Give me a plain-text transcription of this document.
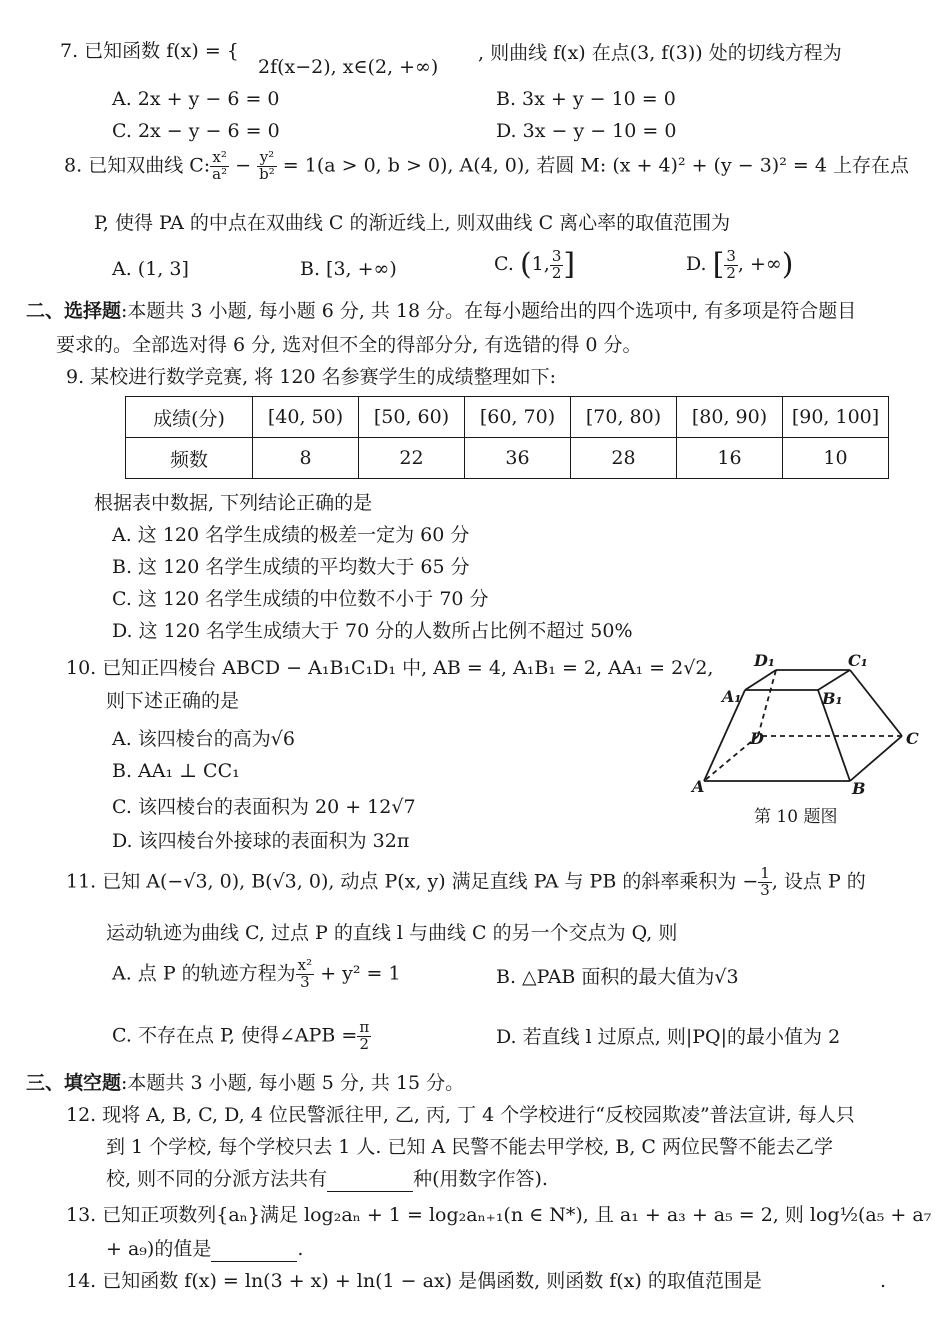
7. 已知函数 f(x) = {
2f(x−2), x∈(2, +∞)
, 则曲线 f(x) 在点(3, f(3)) 处的切线方程为
A. 2x + y − 6 = 0	B. 3x + y − 10 = 0
C. 2x − y − 6 = 0	D. 3x − y − 10 = 0
8. 已知双曲线 C: $\frac{\text{x²}}{\text{a²}} - \frac{\text{y²}}{\text{b²}} = 1(a > 0$, b > 0), A(4, 0), 若圆 M: (x + 4)² + (y − 3)² = 4 上存在点
P, 使得 PA 的中点在双曲线 C 的渐近线上, 则双曲线 C 离心率的取值范围为
A. (1, 3]	B. [3, +∞)	C. (1, $\frac{3}{2}$ ]	D. [ $\frac{3}{2}$ , +∞)
二、选择题:本题共 3 小题, 每小题 6 分, 共 18 分。在每小题给出的四个选项中, 有多项是符合题目
要求的。全部选对得 6 分, 选对但不全的得部分分, 有选错的得 0 分。
9. 某校进行数学竞赛, 将 120 名参赛学生的成绩整理如下:
成绩(分)	[40, 50)	[50, 60)	[60, 70)	[70, 80)	[80, 90)	[90, 100]
频数	8	22	36	28	16	10
根据表中数据, 下列结论正确的是
A. 这 120 名学生成绩的极差一定为 60 分
B. 这 120 名学生成绩的平均数大于 65 分
C. 这 120 名学生成绩的中位数不小于 70 分
D. 这 120 名学生成绩大于 70 分的人数所占比例不超过 50%
10. 已知正四棱台 ABCD − A₁B₁C₁D₁ 中, AB = 4, A₁B₁ = 2, AA₁ = 2√2,
则下述正确的是
A. 该四棱台的高为√6
B. AA₁ ⊥ CC₁
C. 该四棱台的表面积为 20 + 12√7
D. 该四棱台外接球的表面积为 32π
D₁	C₁
A₁	B₁
D	C
A	B
第 10 题图
11. 已知 A(−√3, 0), B(√3, 0), 动点 P(x, y) 满足直线 PA 与 PB 的斜率乘积为 − $\frac{1}{3}$ , 设点 P 的
运动轨迹为曲线 C, 过点 P 的直线 l 与曲线 C 的另一个交点为 Q, 则
A. 点 P 的轨迹方程为 $\frac{\text{x²}}{3} + y^2 = 1$	B. △PAB 面积的最大值为√3
C. 不存在点 P, 使得∠APB = $\frac{\pi}{2}$	D. 若直线 l 过原点, 则|PQ|的最小值为 2
三、填空题:本题共 3 小题, 每小题 5 分, 共 15 分。
12. 现将 A, B, C, D, 4 位民警派往甲, 乙, 丙, 丁 4 个学校进行“反校园欺凌”普法宣讲, 每人只
到 1 个学校, 每个学校只去 1 人. 已知 A 民警不能去甲学校, B, C 两位民警不能去乙学
校, 则不同的分派方法共有	种(用数字作答).
13. 已知正项数列{aₙ}满足 log₂aₙ + 1 = log₂aₙ₊₁(n ∈ N*), 且 a₁ + a₃ + a₅ = 2, 则 log½(a₅ + a₇
+ a₉)的值是	.
14. 已知函数 f(x) = ln(3 + x) + ln(1 − ax) 是偶函数, 则函数 f(x) 的取值范围是	.
